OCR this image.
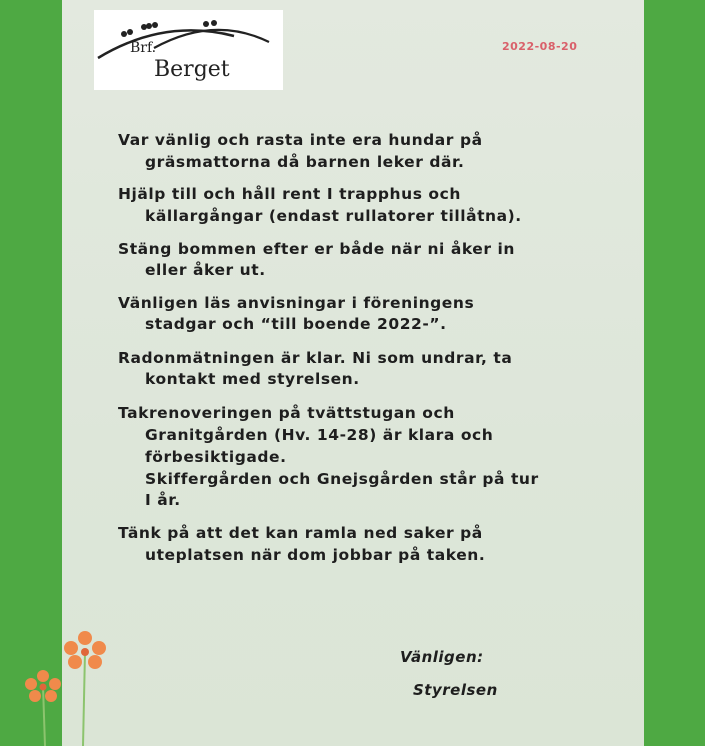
Brf.
Berget
2022-08-20
Var vänlig och rasta inte era hundar på
gräsmattorna då barnen leker där.
Hjälp till och håll rent I trapphus och
källargångar (endast rullatorer tillåtna).
Stäng bommen efter er både när ni åker in
eller åker ut.
Vänligen läs anvisningar i föreningens
stadgar och “till boende 2022-”.
Radonmätningen är klar. Ni som undrar, ta
kontakt med styrelsen.
Takrenoveringen på tvättstugan och
Granitgården (Hv. 14-28) är klara och
förbesiktigade.
Skiffergården och Gnejsgården står på tur
I år.
Tänk på att det kan ramla ned saker på
uteplatsen när dom jobbar på taken.
Vänligen:
Styrelsen
